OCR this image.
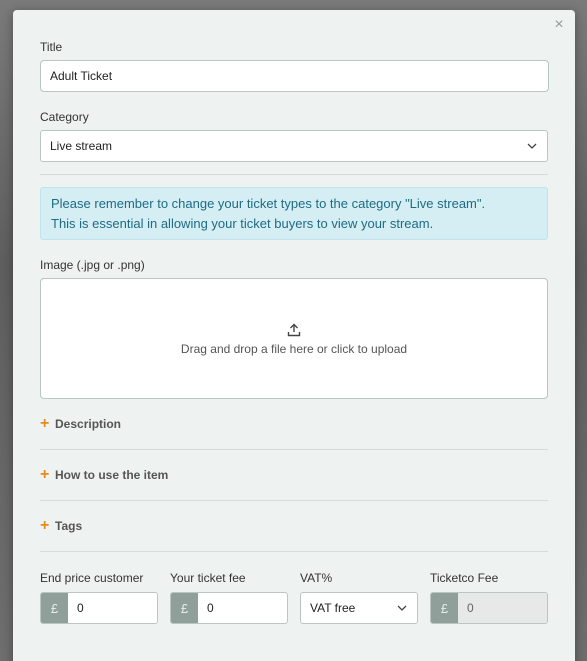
×
Title
Adult Ticket
Category
Live stream
Please remember to change your ticket types to the category "Live stream".
This is essential in allowing your ticket buyers to view your stream.
Image (.jpg or .png)
Drag and drop a file here or click to upload
+ Description
+ How to use the item
+ Tags
End price customer
£
0
Your ticket fee
£
0
VAT%
VAT free
Ticketco Fee
£
0
